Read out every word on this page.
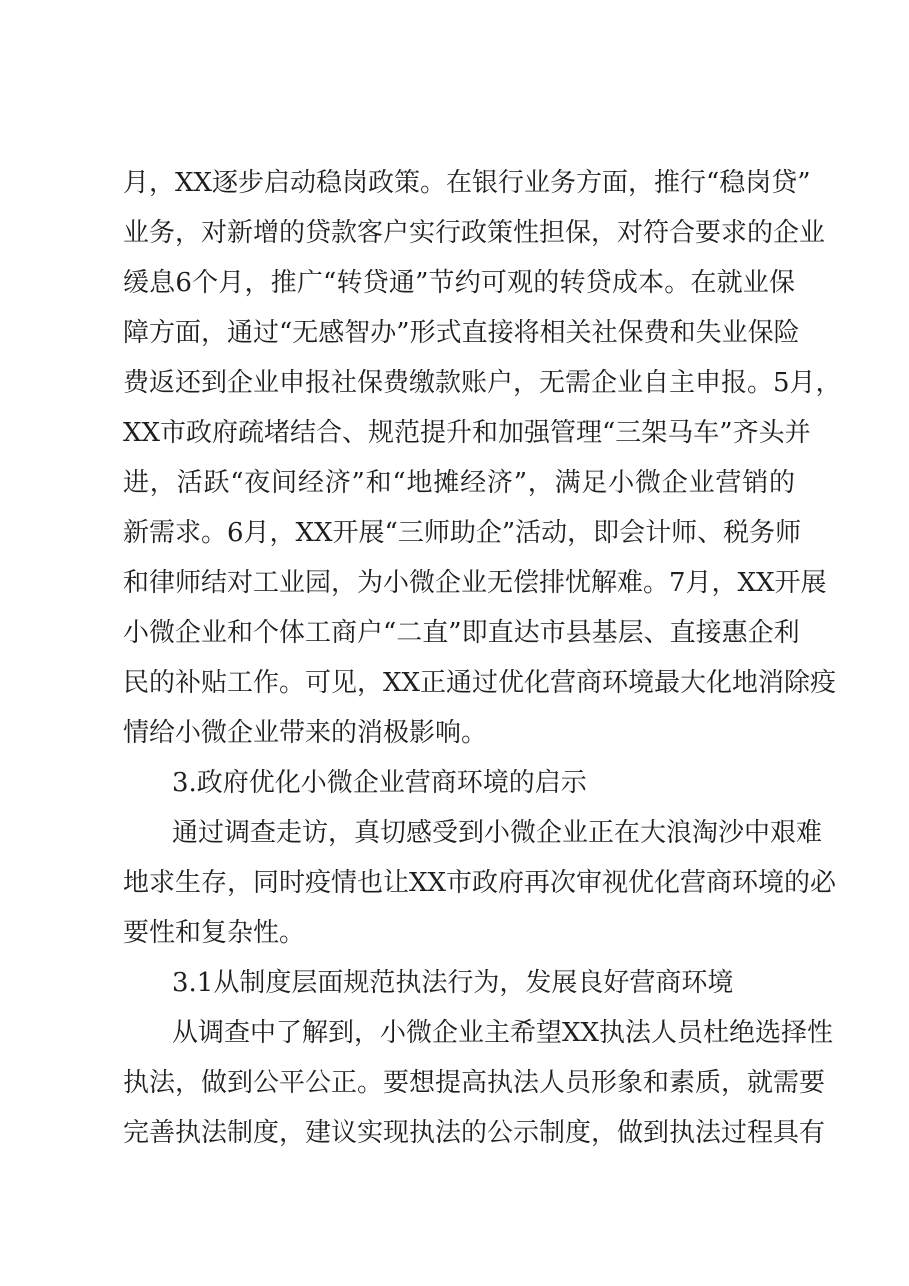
月，XX逐步启动稳岗政策。在银行业务方面，推行“稳岗贷”
业务，对新增的贷款客户实行政策性担保，对符合要求的企业
缓息6个月，推广“转贷通”节约可观的转贷成本。在就业保
障方面，通过“无感智办”形式直接将相关社保费和失业保险
费返还到企业申报社保费缴款账户，无需企业自主申报。5月，
XX市政府疏堵结合、规范提升和加强管理“三架马车”齐头并
进，活跃“夜间经济”和“地摊经济”，满足小微企业营销的
新需求。6月，XX开展“三师助企”活动，即会计师、税务师
和律师结对工业园，为小微企业无偿排忧解难。7月，XX开展
小微企业和个体工商户“二直”即直达市县基层、直接惠企利
民的补贴工作。可见，XX正通过优化营商环境最大化地消除疫
情给小微企业带来的消极影响。
3.政府优化小微企业营商环境的启示
通过调查走访，真切感受到小微企业正在大浪淘沙中艰难
地求生存，同时疫情也让XX市政府再次审视优化营商环境的必
要性和复杂性。
3.1从制度层面规范执法行为，发展良好营商环境
从调查中了解到，小微企业主希望XX执法人员杜绝选择性
执法，做到公平公正。要想提高执法人员形象和素质，就需要
完善执法制度，建议实现执法的公示制度，做到执法过程具有
